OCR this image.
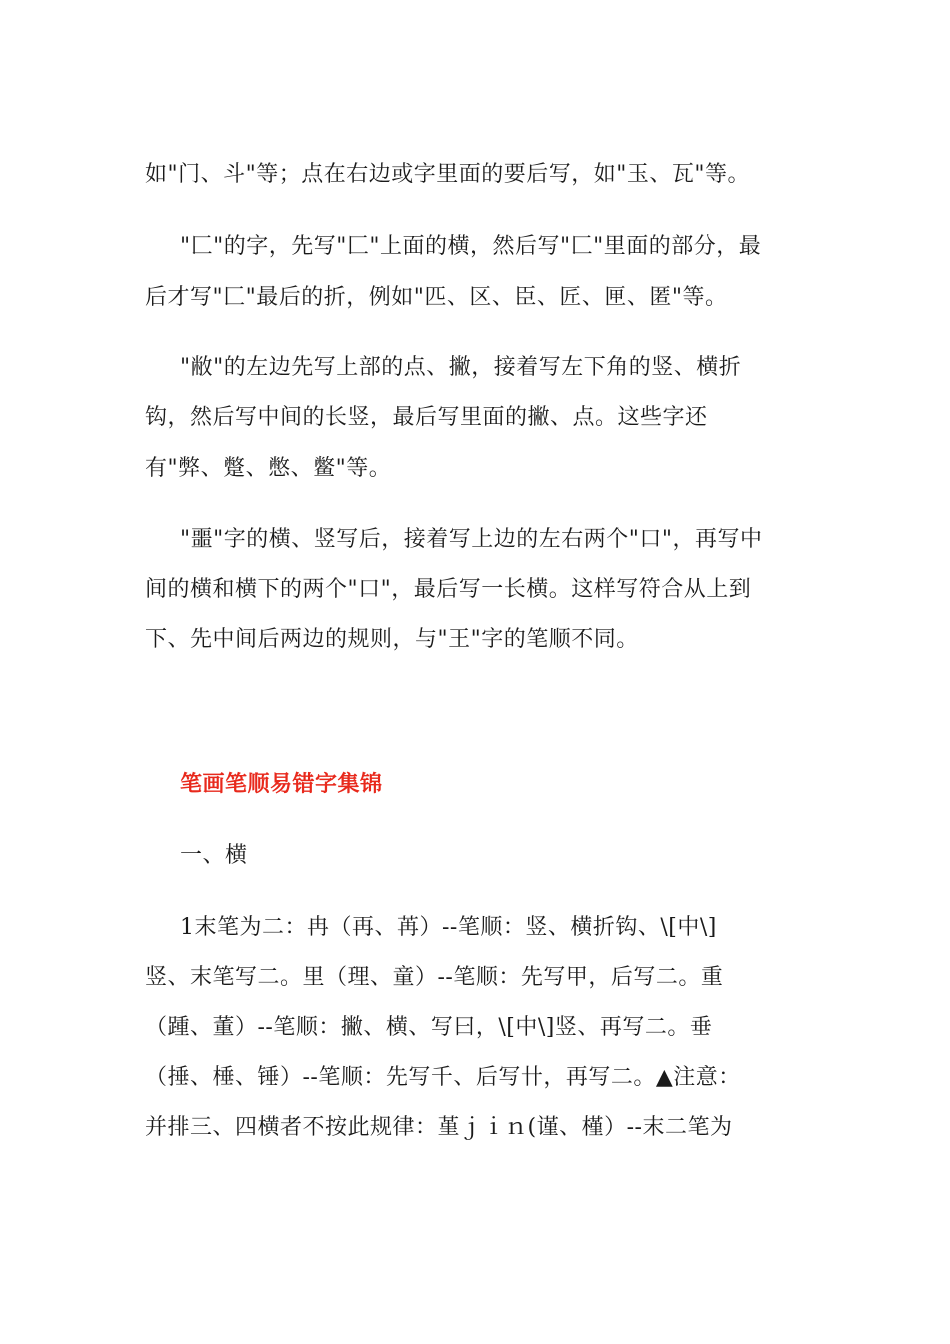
如"门、斗"等；点在右边或字里面的要后写，如"玉、瓦"等。
"匚"的字，先写"匚"上面的横，然后写"匚"里面的部分，最
后才写"匚"最后的折，例如"匹、区、臣、匠、匣、匿"等。
"敝"的左边先写上部的点、撇，接着写左下角的竖、横折
钩，然后写中间的长竖，最后写里面的撇、点。这些字还
有"弊、蹩、憋、鳖"等。
"噩"字的横、竖写后，接着写上边的左右两个"口"，再写中
间的横和横下的两个"口"，最后写一长横。这样写符合从上到
下、先中间后两边的规则，与"王"字的笔顺不同。
笔画笔顺易错字集锦
一、横
1末笔为二：冉（再、苒）--笔顺：竖、横折钩、\[中\]
竖、末笔写二。里（理、童）--笔顺：先写甲，后写二。重
（踵、董）--笔顺：撇、横、写曰，\[中\]竖、再写二。垂
（捶、棰、锤）--笔顺：先写千、后写卄，再写二。▲注意：
并排三、四横者不按此规律：堇ｊｉｎ(谨、槿）--末二笔为
